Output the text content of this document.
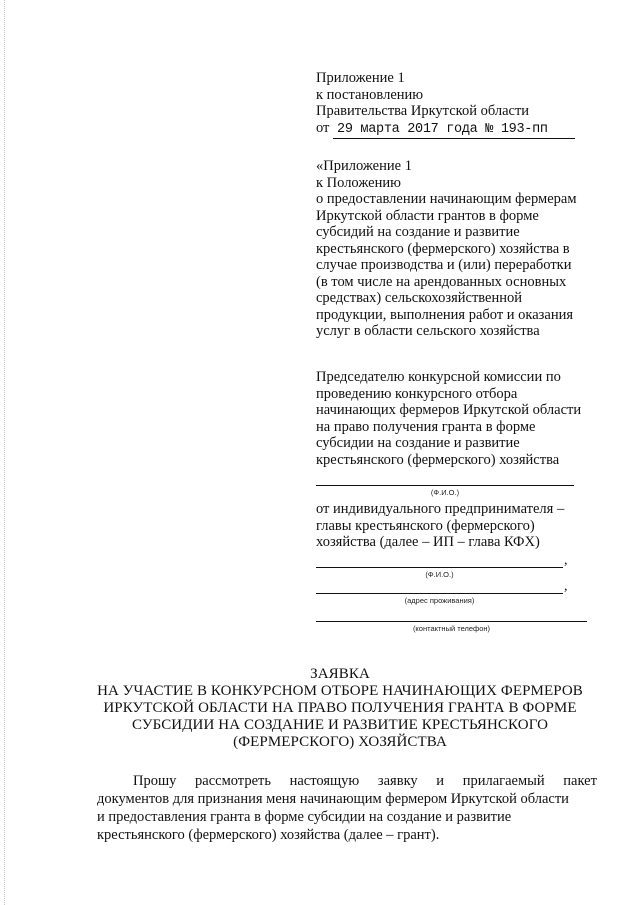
Приложение 1
к постановлению
Правительства Иркутской области
от 29 марта 2017 года № 193-пп
«Приложение 1
к Положению
о предоставлении начинающим фермерам
Иркутской области грантов в форме
субсидий на создание и развитие
крестьянского (фермерского) хозяйства в
случае производства и (или) переработки
(в том числе на арендованных основных
средствах) сельскохозяйственной
продукции, выполнения работ и оказания
услуг в области сельского хозяйства
Председателю конкурсной комиссии по
проведению конкурсного отбора
начинающих фермеров Иркутской области
на право получения гранта в форме
субсидии на создание и развитие
крестьянского (фермерского) хозяйства
(Ф.И.О.)
от индивидуального предпринимателя –
главы крестьянского (фермерского)
хозяйства (далее – ИП – глава КФХ)
,
(Ф.И.О.)
,
(адрес проживания)
(контактный телефон)
ЗАЯВКА
НА УЧАСТИЕ В КОНКУРСНОМ ОТБОРЕ НАЧИНАЮЩИХ ФЕРМЕРОВ
ИРКУТСКОЙ ОБЛАСТИ НА ПРАВО ПОЛУЧЕНИЯ ГРАНТА В ФОРМЕ
СУБСИДИИ НА СОЗДАНИЕ И РАЗВИТИЕ КРЕСТЬЯНСКОГО
(ФЕРМЕРСКОГО) ХОЗЯЙСТВА
Прошу рассмотреть настоящую заявку и прилагаемый пакет
документов для признания меня начинающим фермером Иркутской области
и предоставления гранта в форме субсидии на создание и развитие
крестьянского (фермерского) хозяйства (далее – грант).
